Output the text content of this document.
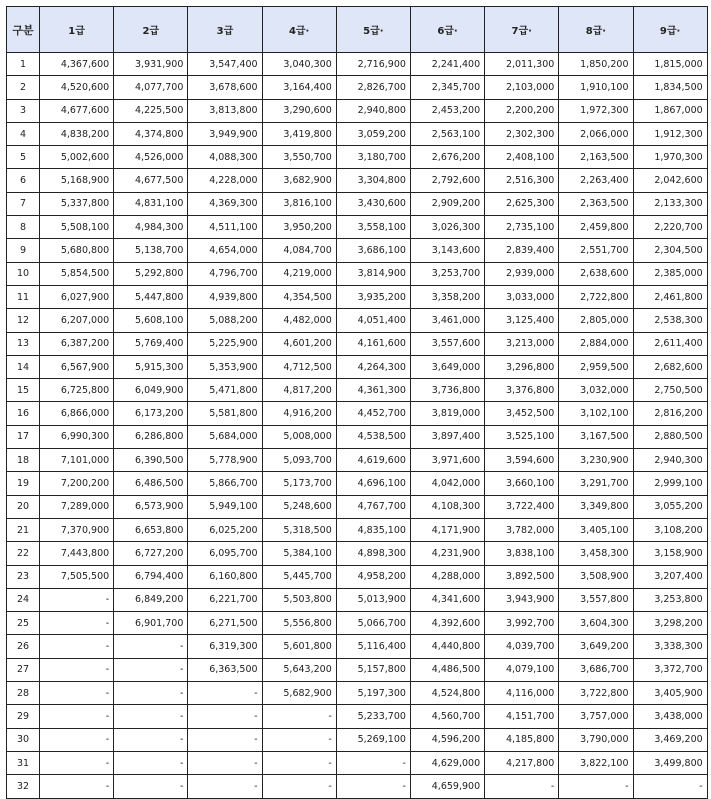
구분	1급	2급	3급	4급·	5급·	6급·	7급·	8급·	9급·
1	4,367,600	3,931,900	3,547,400	3,040,300	2,716,900	2,241,400	2,011,300	1,850,200	1,815,000
2	4,520,600	4,077,700	3,678,600	3,164,400	2,826,700	2,345,700	2,103,000	1,910,100	1,834,500
3	4,677,600	4,225,500	3,813,800	3,290,600	2,940,800	2,453,200	2,200,200	1,972,300	1,867,000
4	4,838,200	4,374,800	3,949,900	3,419,800	3,059,200	2,563,100	2,302,300	2,066,000	1,912,300
5	5,002,600	4,526,000	4,088,300	3,550,700	3,180,700	2,676,200	2,408,100	2,163,500	1,970,300
6	5,168,900	4,677,500	4,228,000	3,682,900	3,304,800	2,792,600	2,516,300	2,263,400	2,042,600
7	5,337,800	4,831,100	4,369,300	3,816,100	3,430,600	2,909,200	2,625,300	2,363,500	2,133,300
8	5,508,100	4,984,300	4,511,100	3,950,200	3,558,100	3,026,300	2,735,100	2,459,800	2,220,700
9	5,680,800	5,138,700	4,654,000	4,084,700	3,686,100	3,143,600	2,839,400	2,551,700	2,304,500
10	5,854,500	5,292,800	4,796,700	4,219,000	3,814,900	3,253,700	2,939,000	2,638,600	2,385,000
11	6,027,900	5,447,800	4,939,800	4,354,500	3,935,200	3,358,200	3,033,000	2,722,800	2,461,800
12	6,207,000	5,608,100	5,088,200	4,482,000	4,051,400	3,461,000	3,125,400	2,805,000	2,538,300
13	6,387,200	5,769,400	5,225,900	4,601,200	4,161,600	3,557,600	3,213,000	2,884,000	2,611,400
14	6,567,900	5,915,300	5,353,900	4,712,500	4,264,300	3,649,000	3,296,800	2,959,500	2,682,600
15	6,725,800	6,049,900	5,471,800	4,817,200	4,361,300	3,736,800	3,376,800	3,032,000	2,750,500
16	6,866,000	6,173,200	5,581,800	4,916,200	4,452,700	3,819,000	3,452,500	3,102,100	2,816,200
17	6,990,300	6,286,800	5,684,000	5,008,000	4,538,500	3,897,400	3,525,100	3,167,500	2,880,500
18	7,101,000	6,390,500	5,778,900	5,093,700	4,619,600	3,971,600	3,594,600	3,230,900	2,940,300
19	7,200,200	6,486,500	5,866,700	5,173,700	4,696,100	4,042,000	3,660,100	3,291,700	2,999,100
20	7,289,000	6,573,900	5,949,100	5,248,600	4,767,700	4,108,300	3,722,400	3,349,800	3,055,200
21	7,370,900	6,653,800	6,025,200	5,318,500	4,835,100	4,171,900	3,782,000	3,405,100	3,108,200
22	7,443,800	6,727,200	6,095,700	5,384,100	4,898,300	4,231,900	3,838,100	3,458,300	3,158,900
23	7,505,500	6,794,400	6,160,800	5,445,700	4,958,200	4,288,000	3,892,500	3,508,900	3,207,400
24	-	6,849,200	6,221,700	5,503,800	5,013,900	4,341,600	3,943,900	3,557,800	3,253,800
25	-	6,901,700	6,271,500	5,556,800	5,066,700	4,392,600	3,992,700	3,604,300	3,298,200
26	-	-	6,319,300	5,601,800	5,116,400	4,440,800	4,039,700	3,649,200	3,338,300
27	-	-	6,363,500	5,643,200	5,157,800	4,486,500	4,079,100	3,686,700	3,372,700
28	-	-	-	5,682,900	5,197,300	4,524,800	4,116,000	3,722,800	3,405,900
29	-	-	-	-	5,233,700	4,560,700	4,151,700	3,757,000	3,438,000
30	-	-	-	-	5,269,100	4,596,200	4,185,800	3,790,000	3,469,200
31	-	-	-	-	-	4,629,000	4,217,800	3,822,100	3,499,800
32	-	-	-	-	-	4,659,900	-	-	-
